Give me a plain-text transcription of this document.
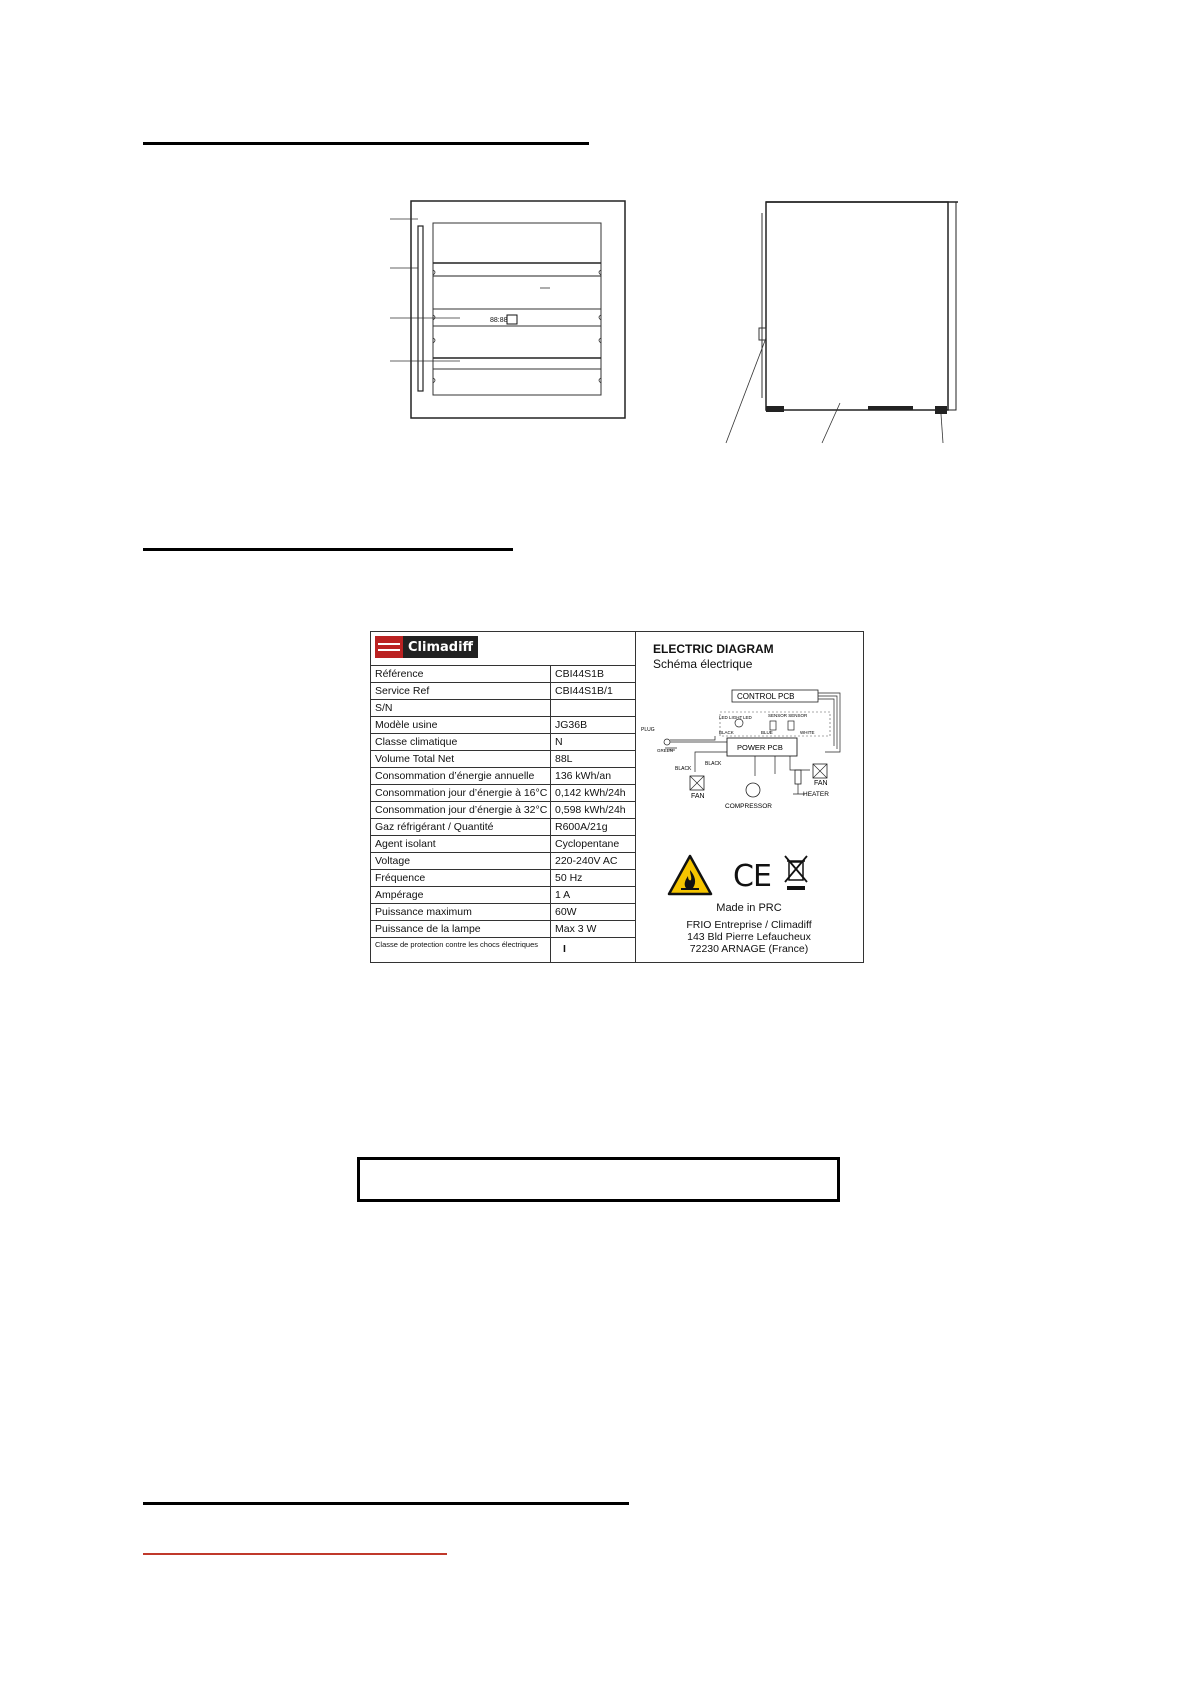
88:88
Climadiff
Référence	CBI44S1B
Service Ref	CBI44S1B/1
S/N
Modèle usine	JG36B
Classe climatique	N
Volume Total Net	88L
Consommation d’énergie annuelle	136 kWh/an
Consommation jour d’énergie à 16°C 0,142 kWh/24h
Consommation jour d’énergie à 32°C 0,598 kWh/24h
Gaz réfrigérant / Quantité	R600A/21g
Agent isolant	Cyclopentane
Voltage	220-240V AC
Fréquence	50 Hz
Ampérage	1 A
Puissance maximum	60W
Puissance de la lampe	Max 3 W
Classe de protection contre les chocs électriques	I
ELECTRIC DIAGRAM
Schéma électrique
CONTROL PCB
LED LIGHT LED	SENSOR SENSOR
BLACK	BLUE	WHITE
POWER PCB
PLUG
GREEN
BLACK
BLACK
FAN
FAN
HEATER
COMPRESSOR
CE
Made in PRC
FRIO Entreprise / Climadiff
143 Bld Pierre Lefaucheux
72230 ARNAGE (France)
